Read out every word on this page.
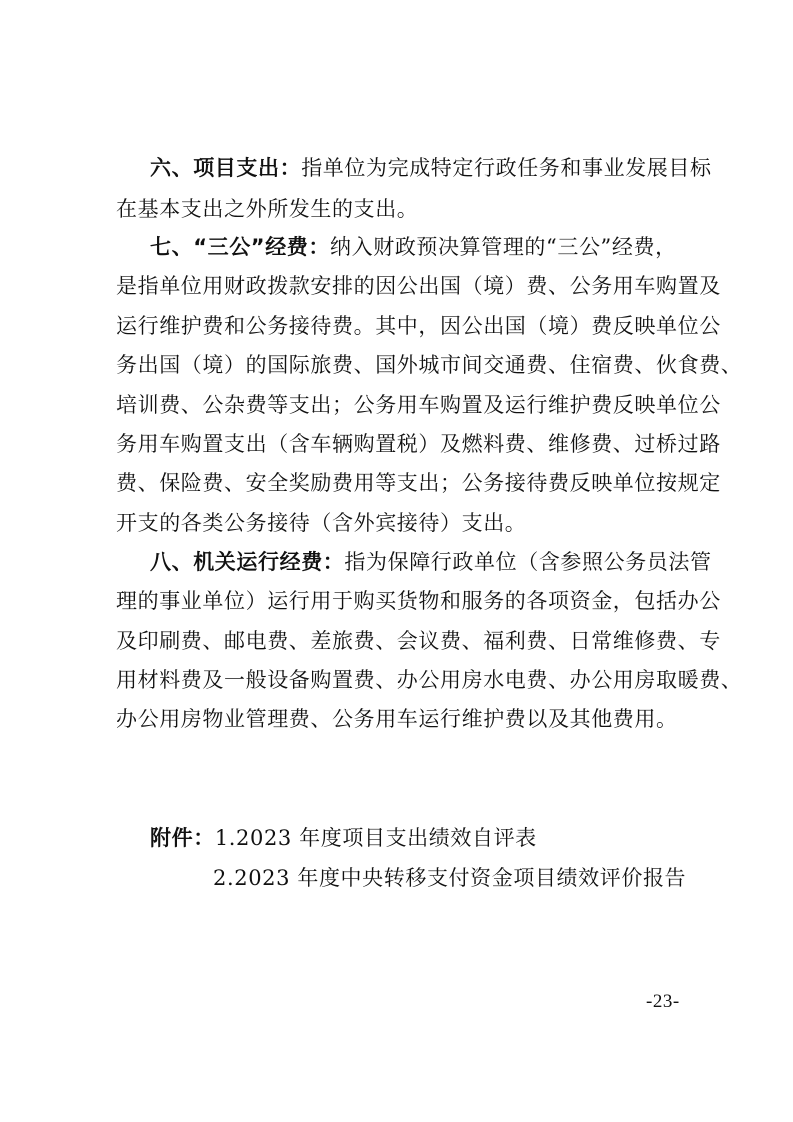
六、项目支出：指单位为完成特定行政任务和事业发展目标
在基本支出之外所发生的支出。
七、“三公”经费：纳入财政预决算管理的“三公”经费，
是指单位用财政拨款安排的因公出国（境）费、公务用车购置及
运行维护费和公务接待费。其中，因公出国（境）费反映单位公
务出国（境）的国际旅费、国外城市间交通费、住宿费、伙食费、
培训费、公杂费等支出；公务用车购置及运行维护费反映单位公
务用车购置支出（含车辆购置税）及燃料费、维修费、过桥过路
费、保险费、安全奖励费用等支出；公务接待费反映单位按规定
开支的各类公务接待（含外宾接待）支出。
八、机关运行经费：指为保障行政单位（含参照公务员法管
理的事业单位）运行用于购买货物和服务的各项资金，包括办公
及印刷费、邮电费、差旅费、会议费、福利费、日常维修费、专
用材料费及一般设备购置费、办公用房水电费、办公用房取暖费、
办公用房物业管理费、公务用车运行维护费以及其他费用。
附件：1.2023 年度项目支出绩效自评表
2.2023 年度中央转移支付资金项目绩效评价报告
-23-
